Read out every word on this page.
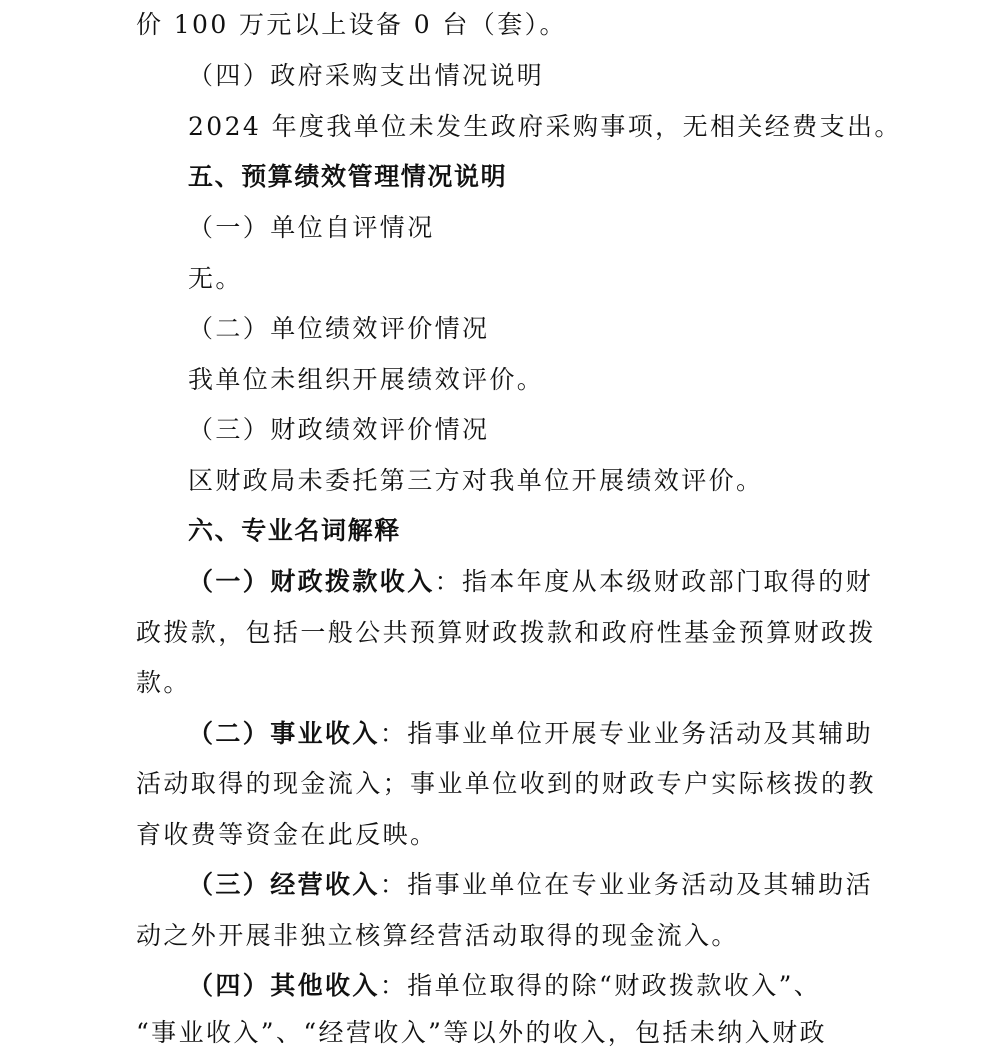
价 100 万元以上设备 0 台（套）。
（四）政府采购支出情况说明
2024 年度我单位未发生政府采购事项，无相关经费支出。
五、预算绩效管理情况说明
（一）单位自评情况
无。
（二）单位绩效评价情况
我单位未组织开展绩效评价。
（三）财政绩效评价情况
区财政局未委托第三方对我单位开展绩效评价。
六、专业名词解释
（一）财政拨款收入：指本年度从本级财政部门取得的财
政拨款，包括一般公共预算财政拨款和政府性基金预算财政拨
款。
（二）事业收入：指事业单位开展专业业务活动及其辅助
活动取得的现金流入；事业单位收到的财政专户实际核拨的教
育收费等资金在此反映。
（三）经营收入：指事业单位在专业业务活动及其辅助活
动之外开展非独立核算经营活动取得的现金流入。
（四）其他收入：指单位取得的除“财政拨款收入”、
“事业收入”、“经营收入”等以外的收入，包括未纳入财政
